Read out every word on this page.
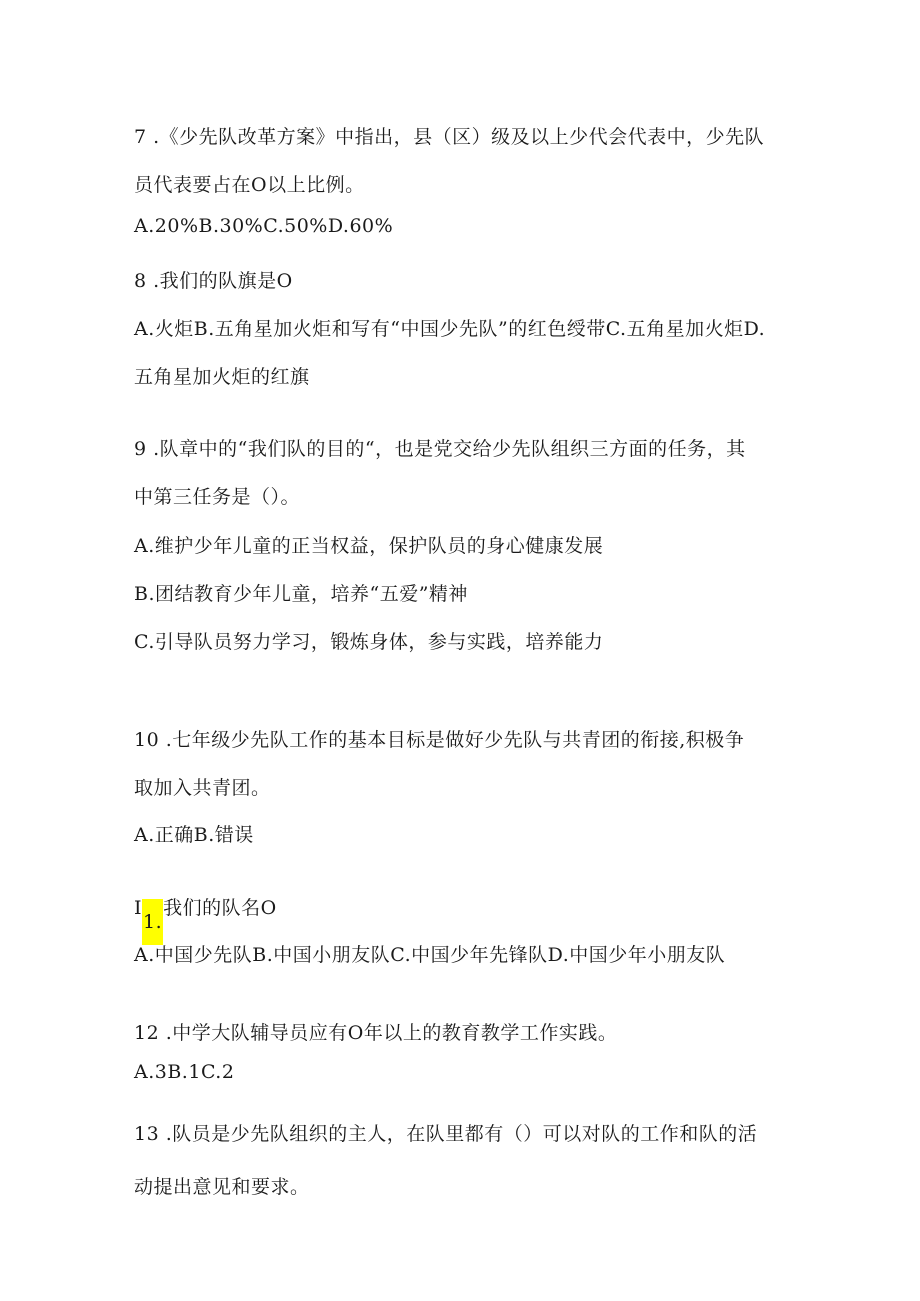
7 .《少先队改革方案》中指出，县（区）级及以上少代会代表中，少先队
员代表要占在O以上比例。
A.20%B.30%C.50%D.60%
8 .我们的队旗是O
A.火炬B.五角星加火炬和写有“中国少先队”的红色绶带C.五角星加火炬D.
五角星加火炬的红旗
9 .队章中的“我们队的目的“，也是党交给少先队组织三方面的任务，其
中第三任务是（）。
A.维护少年儿童的正当权益，保护队员的身心健康发展
B.团结教育少年儿童，培养“五爱”精神
C.引导队员努力学习，锻炼身体，参与实践，培养能力
10 .七年级少先队工作的基本目标是做好少先队与共青团的衔接,积极争
取加入共青团。
A.正确B.错误
I1.我们的队名O
A.中国少先队B.中国小朋友队C.中国少年先锋队D.中国少年小朋友队
12 .中学大队辅导员应有O年以上的教育教学工作实践。
A.3B.1C.2
13 .队员是少先队组织的主人，在队里都有（）可以对队的工作和队的活
动提出意见和要求。
